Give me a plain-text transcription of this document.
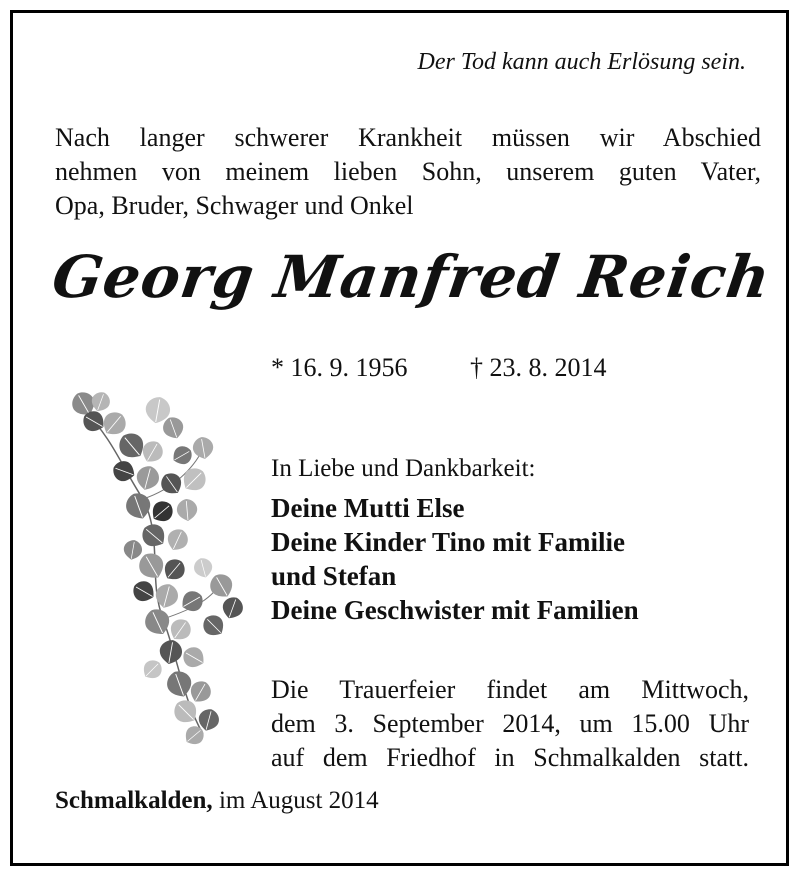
Der Tod kann auch Erlösung sein.
Nach langer schwerer Krankheit müssen wir Abschied
nehmen von meinem lieben Sohn, unserem guten Vater,
Opa, Bruder, Schwager und Onkel
Georg Manfred Reich
* 16. 9. 1956 † 23. 8. 2014
In Liebe und Dankbarkeit:
Deine Mutti Else
Deine Kinder Tino mit Familie
und Stefan
Deine Geschwister mit Familien
Die Trauerfeier findet am Mittwoch,
dem 3. September 2014, um 15.00 Uhr
auf dem Friedhof in Schmalkalden statt.
Schmalkalden, im August 2014
